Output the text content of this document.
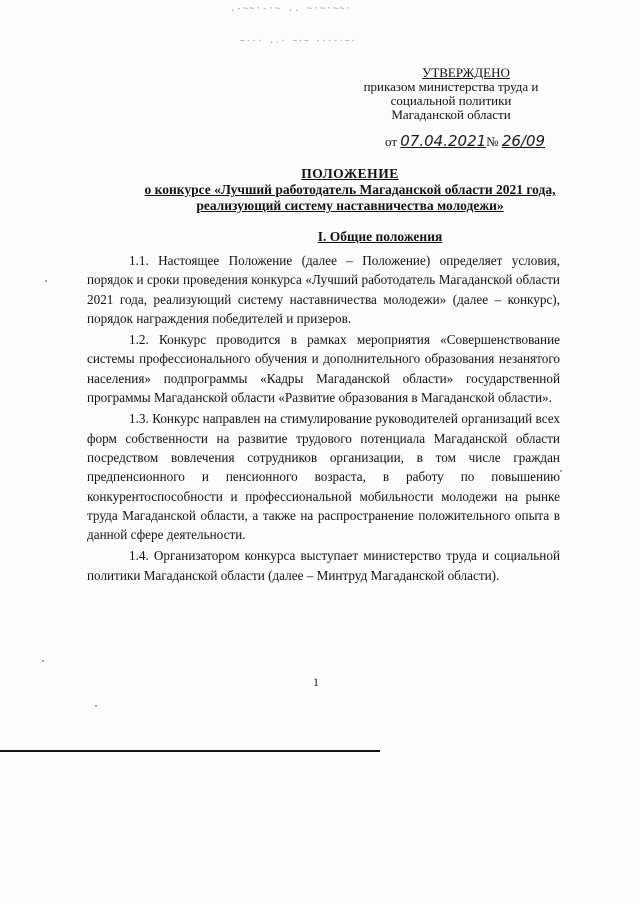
.-~~·-·~ .. ~·~·~~·
~·-· ..· ~·~ -··-·~·
УТВЕРЖДЕНО
приказом министерства труда и
социальной политики
Магаданской области
от 07.04.2021№ 26/09
ПОЛОЖЕНИЕ
о конкурсе «Лучший работодатель Магаданской области 2021 года,
реализующий систему наставничества молодежи»
I. Общие положения

1.1. Настоящее Положение (далее – Положение) определяет условия, порядок и сроки проведения конкурса «Лучший работодатель Магаданской области 2021 года, реализующий систему наставничества молодежи» (далее – конкурс), порядок награждения победителей и призеров.

1.2. Конкурс проводится в рамках мероприятия «Совершенствование системы профессионального обучения и дополнительного образования незанятого населения» подпрограммы «Кадры Магаданской области» государственной программы Магаданской области «Развитие образования в Магаданской области».

1.3. Конкурс направлен на стимулирование руководителей организаций всех форм собственности на развитие трудового потенциала Магаданской области посредством вовлечения сотрудников организации, в том числе граждан предпенсионного и пенсионного возраста, в работу по повышению конкурентоспособности и профессиональной мобильности молодежи на рынке труда Магаданской области, а также на распространение положительного опыта в данной сфере деятельности.

1.4. Организатором конкурса выступает министерство труда и социальной политики Магаданской области (далее – Минтруд Магаданской области).

1
